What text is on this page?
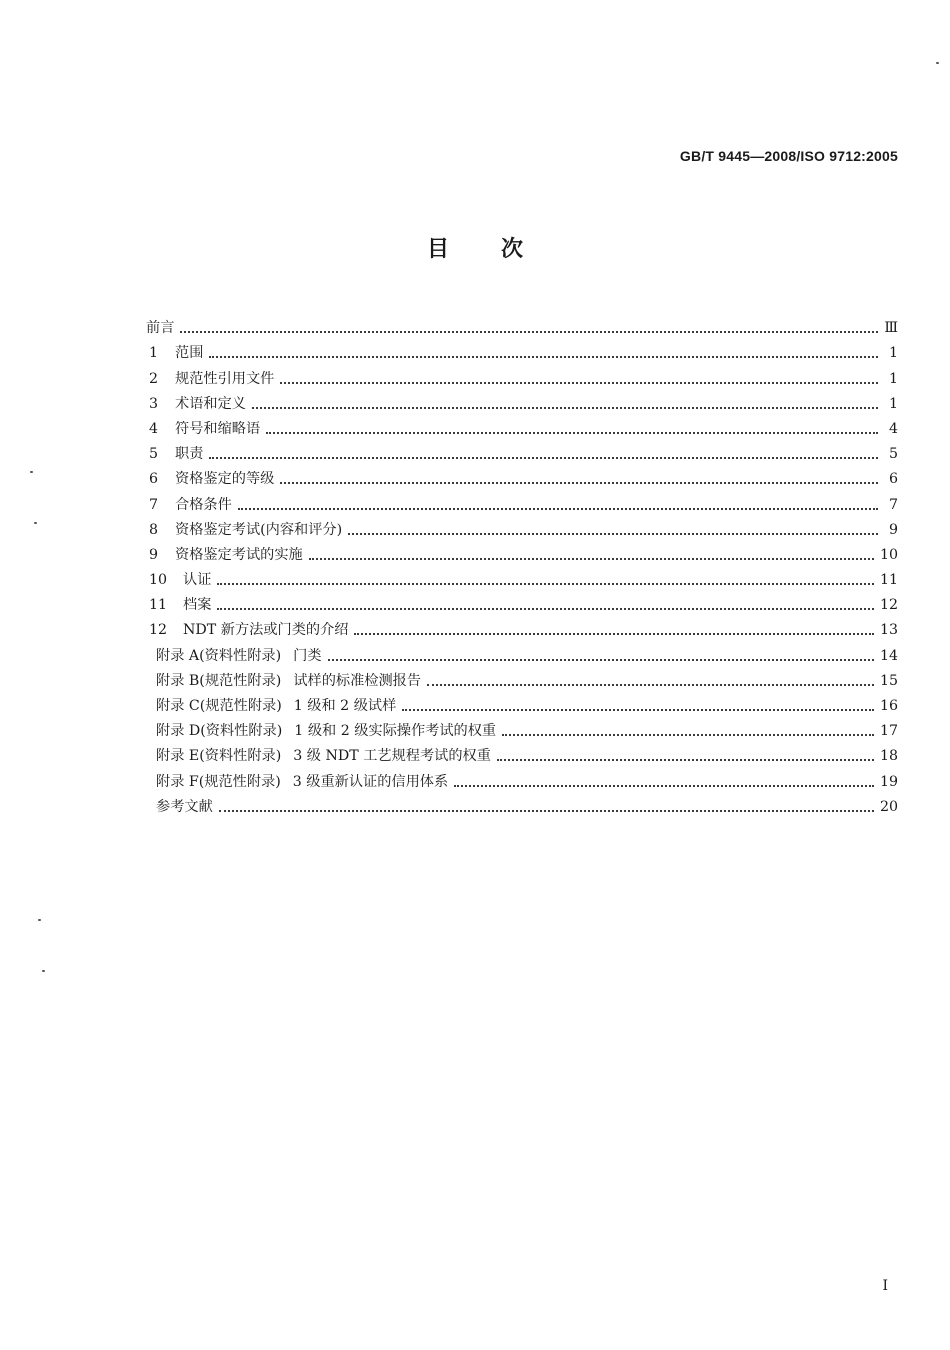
GB/T 9445—2008/ISO 9712:2005
目次
前言	Ⅲ
1	范围	1
2	规范性引用文件	1
3	术语和定义	1
4	符号和缩略语	4
5	职责	5
6	资格鉴定的等级	6
7	合格条件	7
8	资格鉴定考试(内容和评分)	9
9	资格鉴定考试的实施	10
10	认证	11
11	档案	12
12	NDT 新方法或门类的介绍	13
附录 A(资料性附录) 门类	14
附录 B(规范性附录) 试样的标准检测报告	15
附录 C(规范性附录) 1 级和 2 级试样	16
附录 D(资料性附录) 1 级和 2 级实际操作考试的权重	17
附录 E(资料性附录) 3 级 NDT 工艺规程考试的权重	18
附录 F(规范性附录) 3 级重新认证的信用体系	19
参考文献	20
I
